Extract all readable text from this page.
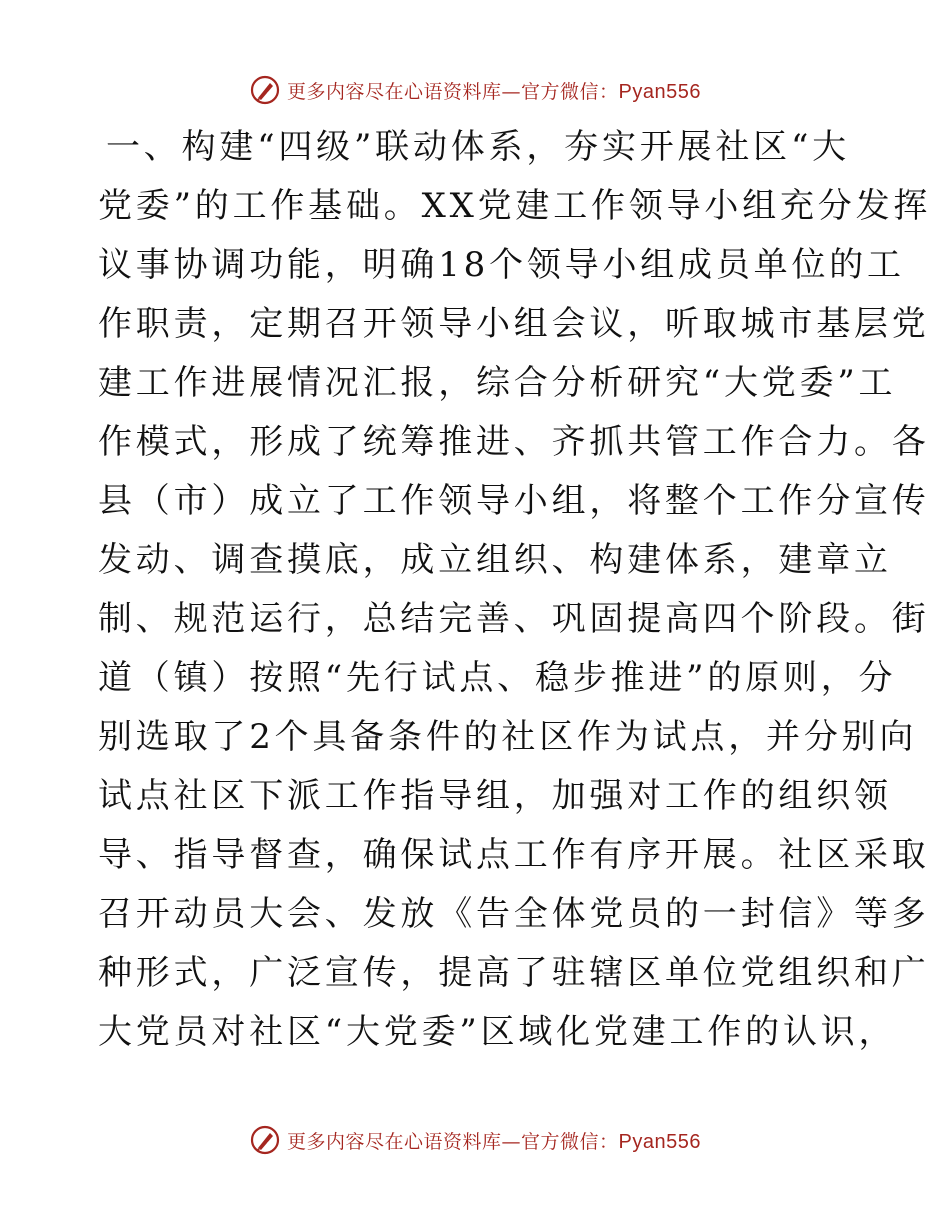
更多内容尽在心语资料库—官方微信：Pyan556
一、构建“四级”联动体系，夯实开展社区“大
党委”的工作基础。XX党建工作领导小组充分发挥
议事协调功能，明确18个领导小组成员单位的工
作职责，定期召开领导小组会议，听取城市基层党
建工作进展情况汇报，综合分析研究“大党委”工
作模式，形成了统筹推进、齐抓共管工作合力。各
县（市）成立了工作领导小组，将整个工作分宣传
发动、调查摸底，成立组织、构建体系，建章立
制、规范运行，总结完善、巩固提高四个阶段。街
道（镇）按照“先行试点、稳步推进”的原则，分
别选取了2个具备条件的社区作为试点，并分别向
试点社区下派工作指导组，加强对工作的组织领
导、指导督查，确保试点工作有序开展。社区采取
召开动员大会、发放《告全体党员的一封信》等多
种形式，广泛宣传，提高了驻辖区单位党组织和广
大党员对社区“大党委”区域化党建工作的认识，
更多内容尽在心语资料库—官方微信：Pyan556
